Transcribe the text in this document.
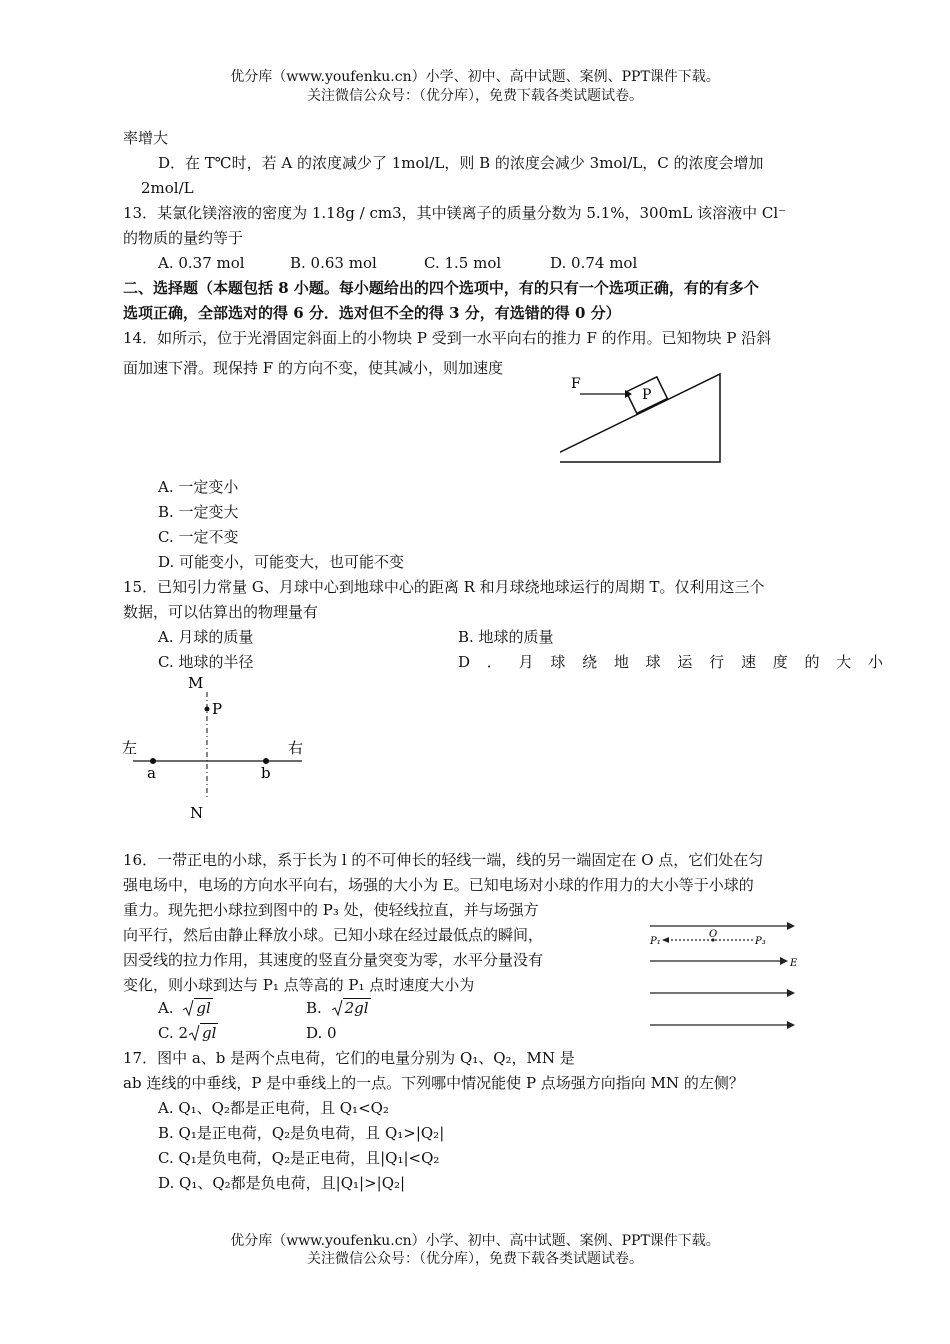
优分库（www.youfenku.cn）小学、初中、高中试题、案例、PPT课件下载。
关注微信公众号：（优分库），免费下载各类试题试卷。
率增大
D．在 T℃时，若 A 的浓度减少了 1mol/L，则 B 的浓度会减少 3mol/L，C 的浓度会增加
2mol/L
13．某氯化镁溶液的密度为 1.18g / cm3，其中镁离子的质量分数为 5.1%，300mL 该溶液中 Cl⁻
的物质的量约等于
A. 0.37 mol	B. 0.63 mol	C. 1.5 mol	D. 0.74 mol
二、选择题（本题包括 8 小题。每小题给出的四个选项中，有的只有一个选项正确，有的有多个
选项正确，全部选对的得 6 分．选对但不全的得 3 分，有选错的得 0 分）
14．如所示，位于光滑固定斜面上的小物块 P 受到一水平向右的推力 F 的作用。已知物块 P 沿斜
面加速下滑。现保持 F 的方向不变，使其减小，则加速度
P
F
A. 一定变小
B. 一定变大
C. 一定不变
D. 可能变小，可能变大，也可能不变
15．已知引力常量 G、月球中心到地球中心的距离 R 和月球绕地球运行的周期 T。仅利用这三个
数据，可以估算出的物理量有
A. 月球的质量	B. 地球的质量
C. 地球的半径	D ． 月 球 绕 地 球 运 行 速 度 的 大 小
M
P
左	右
a	b
N
16．一带正电的小球，系于长为 l 的不可伸长的轻线一端，线的另一端固定在 O 点，它们处在匀
强电场中，电场的方向水平向右，场强的大小为 E。已知电场对小球的作用力的大小等于小球的
重力。现先把小球拉到图中的 P₃ 处，使轻线拉直，并与场强方
向平行，然后由静止释放小球。已知小球在经过最低点的瞬间，
因受线的拉力作用，其速度的竖直分量突变为零，水平分量没有
变化，则小球到达与 P₁ 点等高的 P₁ 点时速度大小为
P₁
O
P₃
E
A. gl	B. 2gl
C. 2 gl	D. 0
17．图中 a、b 是两个点电荷，它们的电量分别为 Q₁、Q₂，MN 是
ab 连线的中垂线，P 是中垂线上的一点。下列哪中情况能使 P 点场强方向指向 MN 的左侧？
A. Q₁、Q₂都是正电荷，且 Q₁<Q₂
B. Q₁是正电荷，Q₂是负电荷，且 Q₁>|Q₂|
C. Q₁是负电荷，Q₂是正电荷，且|Q₁|<Q₂
D. Q₁、Q₂都是负电荷，且|Q₁|>|Q₂|
优分库（www.youfenku.cn）小学、初中、高中试题、案例、PPT课件下载。
关注微信公众号：（优分库），免费下载各类试题试卷。
